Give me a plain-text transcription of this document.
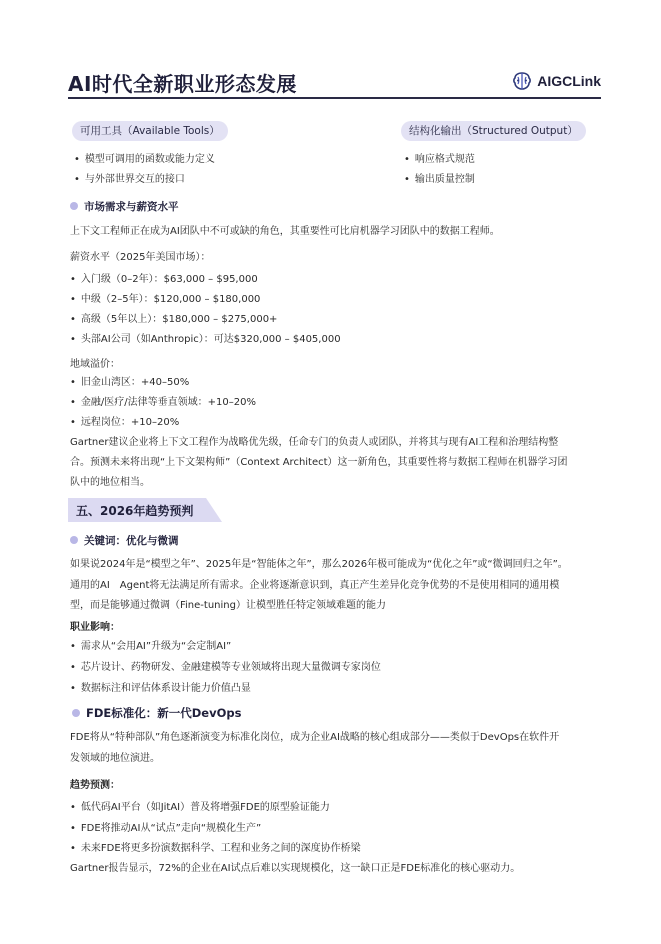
AI时代全新职业形态发展	AIGCLink
可用工具（Available Tools）
• 模型可调用的函数或能力定义
• 与外部世界交互的接口
结构化输出（Structured Output）
• 响应格式规范
• 输出质量控制
市场需求与薪资水平
上下文工程师正在成为AI团队中不可或缺的角色，其重要性可比肩机器学习团队中的数据工程师。
薪资水平（2025年美国市场）：
• 入门级（0–2年）：$63,000 – $95,000
• 中级（2–5年）：$120,000 – $180,000
• 高级（5年以上）：$180,000 – $275,000+
• 头部AI公司（如Anthropic）：可达$320,000 – $405,000
地域溢价：
• 旧金山湾区：+40–50%
• 金融/医疗/法律等垂直领域：+10–20%
• 远程岗位：+10–20%
Gartner建议企业将上下文工程作为战略优先级，任命专门的负责人或团队，并将其与现有AI工程和治理结构整
合。预测未来将出现“上下文架构师”（Context Architect）这一新角色，其重要性将与数据工程师在机器学习团
队中的地位相当。
五、2026年趋势预判
关键词：优化与微调
如果说2024年是“模型之年”、2025年是“智能体之年”，那么2026年极可能成为“优化之年”或“微调回归之年”。
通用的AI　Agent将无法满足所有需求。企业将逐渐意识到，真正产生差异化竞争优势的不是使用相同的通用模
型，而是能够通过微调（Fine-tuning）让模型胜任特定领域难题的能力
职业影响：
• 需求从“会用AI”升级为“会定制AI”
• 芯片设计、药物研发、金融建模等专业领域将出现大量微调专家岗位
• 数据标注和评估体系设计能力价值凸显
FDE标准化：新一代DevOps
FDE将从“特种部队”角色逐渐演变为标准化岗位，成为企业AI战略的核心组成部分——类似于DevOps在软件开
发领域的地位演进。
趋势预测：
• 低代码AI平台（如JitAI）普及将增强FDE的原型验证能力
• FDE将推动AI从“试点”走向“规模化生产”
• 未来FDE将更多扮演数据科学、工程和业务之间的深度协作桥梁
Gartner报告显示，72%的企业在AI试点后难以实现规模化，这一缺口正是FDE标准化的核心驱动力。
